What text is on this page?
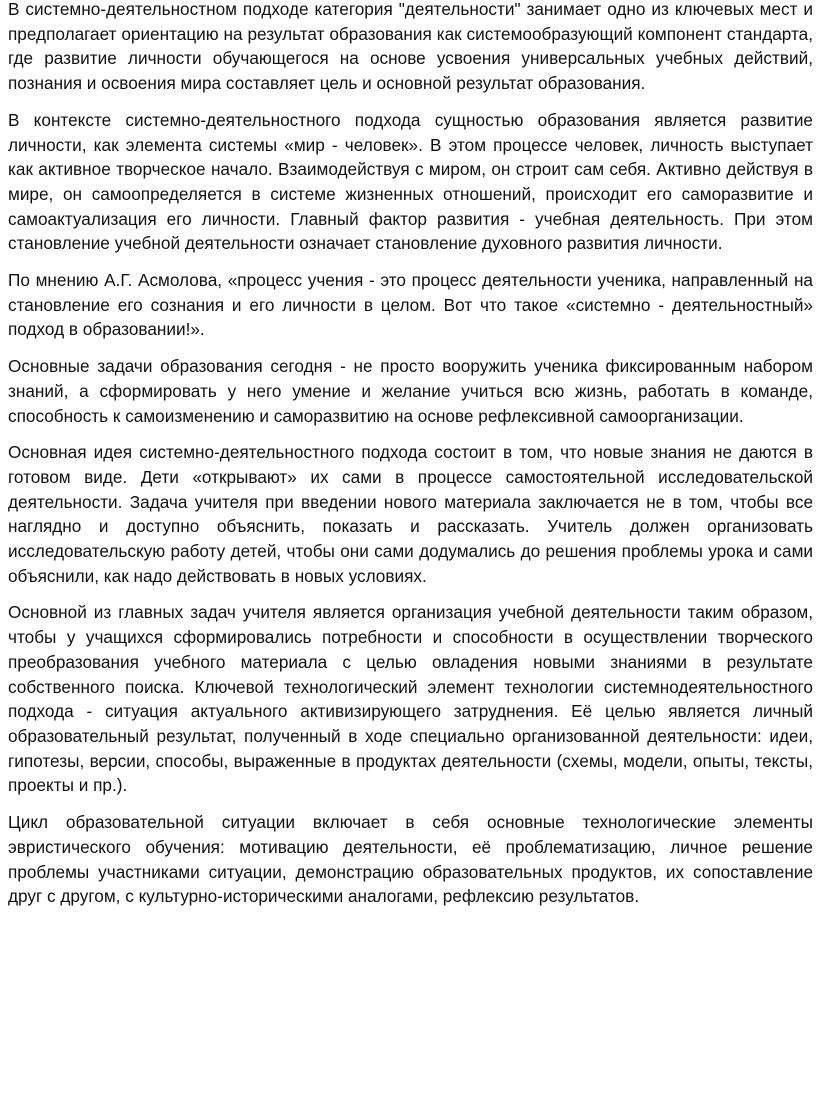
В системно-деятельностном подходе категория "деятельности" занимает одно из ключевых мест и предполагает ориентацию на результат образования как системообразующий компонент стандарта, где развитие личности обучающегося на основе усвоения универсальных учебных действий, познания и освоения мира составляет цель и основной результат образования.

В контексте системно-деятельностного подхода сущностью образования является развитие личности, как элемента системы «мир - человек». В этом процессе человек, личность выступает как активное творческое начало. Взаимодействуя с миром, он строит сам себя. Активно действуя в мире, он самоопределяется в системе жизненных отношений, происходит его саморазвитие и самоактуализация его личности. Главный фактор развития - учебная деятельность. При этом становление учебной деятельности означает становление духовного развития личности.

По мнению А.Г. Асмолова, «процесс учения - это процесс деятельности ученика, направленный на становление его сознания и его личности в целом. Вот что такое «системно - деятельностный» подход в образовании!».

Основные задачи образования сегодня - не просто вооружить ученика фиксированным набором знаний, а сформировать у него умение и желание учиться всю жизнь, работать в команде, способность к самоизменению и саморазвитию на основе рефлексивной самоорганизации.

Основная идея системно-деятельностного подхода состоит в том, что новые знания не даются в готовом виде. Дети «открывают» их сами в процессе самостоятельной исследовательской деятельности. Задача учителя при введении нового материала заключается не в том, чтобы все наглядно и доступно объяснить, показать и рассказать. Учитель должен организовать исследовательскую работу детей, чтобы они сами додумались до решения проблемы урока и сами объяснили, как надо действовать в новых условиях.

Основной из главных задач учителя является организация учебной деятельности таким образом, чтобы у учащихся сформировались потребности и способности в осуществлении творческого преобразования учебного материала с целью овладения новыми знаниями в результате собственного поиска. Ключевой технологический элемент технологии системнодеятельностного подхода - ситуация актуального активизирующего затруднения. Её целью является личный образовательный результат, полученный в ходе специально организованной деятельности: идеи, гипотезы, версии, способы, выраженные в продуктах деятельности (схемы, модели, опыты, тексты, проекты и пр.).

Цикл образовательной ситуации включает в себя основные технологические элементы эвристического обучения: мотивацию деятельности, её проблематизацию, личное решение проблемы участниками ситуации, демонстрацию образовательных продуктов, их сопоставление друг с другом, с культурно-историческими аналогами, рефлексию результатов.
